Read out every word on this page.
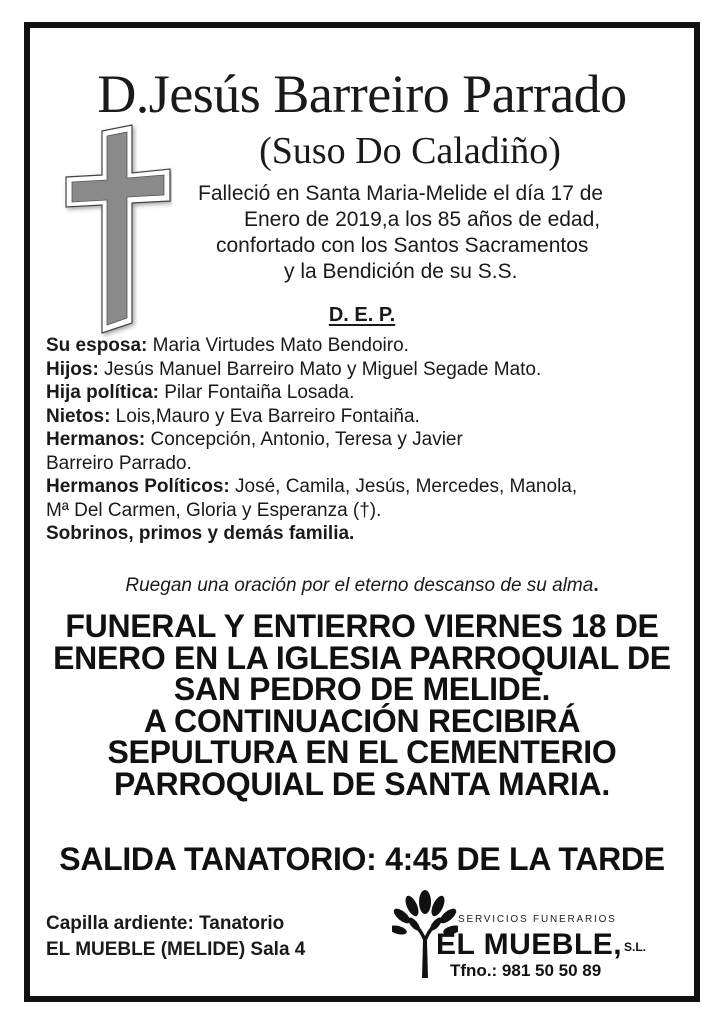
D.Jesús Barreiro Parrado
(Suso Do Caladiño)
Falleció en Santa Maria-Melide el día 17 de
Enero de 2019,a los 85 años de edad,
confortado con los Santos Sacramentos
y la Bendición de su S.S.
D. E. P.
Su esposa: Maria Virtudes Mato Bendoiro.
Hijos: Jesús Manuel Barreiro Mato y Miguel Segade Mato.
Hija política: Pilar Fontaiña Losada.
Nietos: Lois,Mauro y Eva Barreiro Fontaiña.
Hermanos: Concepción, Antonio, Teresa y Javier
Barreiro Parrado.
Hermanos Políticos: José, Camila, Jesús, Mercedes, Manola,
Mª Del Carmen, Gloria y Esperanza (†).
Sobrinos, primos y demás familia.
Ruegan una oración por el eterno descanso de su alma.
FUNERAL Y ENTIERRO VIERNES 18 DE
ENERO EN LA IGLESIA PARROQUIAL DE
SAN PEDRO DE MELIDE.
A CONTINUACIÓN RECIBIRÁ
SEPULTURA EN EL CEMENTERIO
PARROQUIAL DE SANTA MARIA.
SALIDA TANATORIO: 4:45 DE LA TARDE
Capilla ardiente: Tanatorio
EL MUEBLE (MELIDE) Sala 4
SERVICIOS FUNERARIOS
EL MUEBLE, S.L.
Tfno.: 981 50 50 89
